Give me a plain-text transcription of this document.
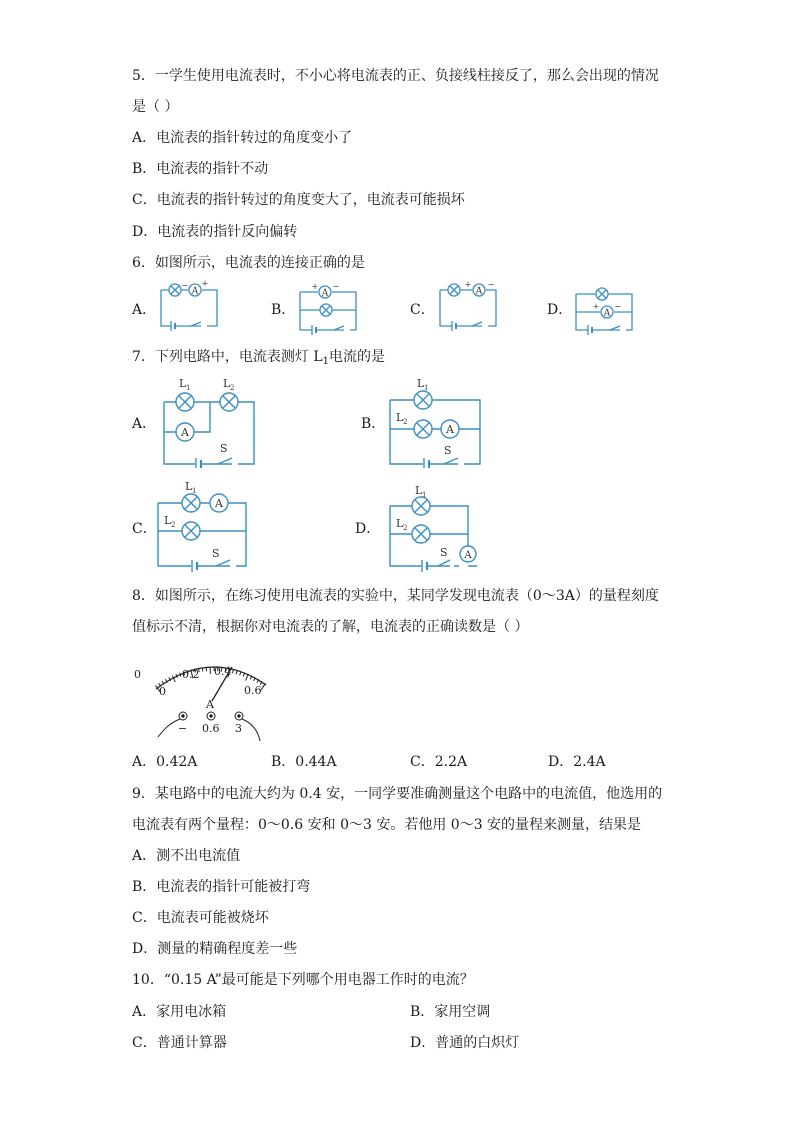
5．一学生使用电流表时，不小心将电流表的正、负接线柱接反了，那么会出现的情况
是（ ）
A．电流表的指针转过的角度变小了
B．电流表的指针不动
C．电流表的指针转过的角度变大了，电流表可能损坏
D．电流表的指针反向偏转
6．如图所示，电流表的连接正确的是
A．	B．	C．	D．
A
− +
A
+ −	A
+ −
A
+ −
7．下列电路中，电流表测灯 $L_1$电流的是
A．	B．
C．	D．
L 1	L 2
A
S
L 1
L 2
A
S
L 1
L 2
A
S
L 1
L 2
A
S
8．如图所示，在练习使用电流表的实验中，某同学发现电流表（0～3A）的量程刻度
值标示不清，根据你对电流表的了解，电流表的正确读数是（ ）
0
0
0.2 0.4
0.6
A
− 0.6 3
A．0.42A	B．0.44A	C．2.2A	D．2.4A
9．某电路中的电流大约为 0.4 安，一同学要准确测量这个电路中的电流值，他选用的
电流表有两个量程：0～0.6 安和 0～3 安。若他用 0～3 安的量程来测量，结果是
A．测不出电流值
B．电流表的指针可能被打弯
C．电流表可能被烧坏
D．测量的精确程度差一些
10．“0.15 A”最可能是下列哪个用电器工作时的电流？
A．家用电冰箱	B．家用空调
C．普通计算器	D．普通的白炽灯
